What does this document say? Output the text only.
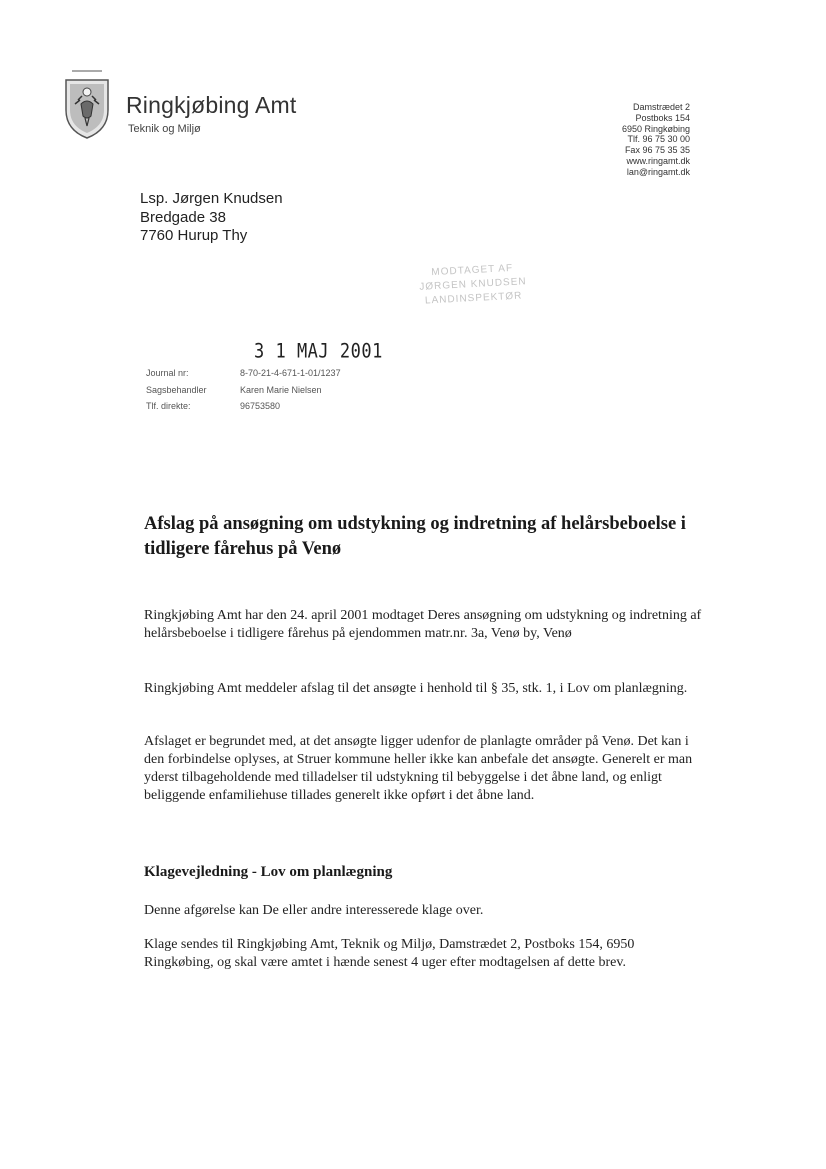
Ringkjøbing Amt
Teknik og Miljø
Damstrædet 2
Postboks 154
6950 Ringkøbing
Tlf. 96 75 30 00
Fax 96 75 35 35
www.ringamt.dk
lan@ringamt.dk
Lsp. Jørgen Knudsen
Bredgade 38
7760 Hurup Thy
MODTAGET AF
JØRGEN KNUDSEN
LANDINSPEKTØR
3 1 MAJ 2001
Journal nr:	8-70-21-4-671-1-01/1237
Sagsbehandler	Karen Marie Nielsen
Tlf. direkte:	96753580
Afslag på ansøgning om udstykning og indretning af helårsbeboelse i tidligere fårehus på Venø
Ringkjøbing Amt har den 24. april 2001 modtaget Deres ansøgning om udstykning og indretning af helårsbeboelse i tidligere fårehus på ejendommen matr.nr. 3a, Venø by, Venø
Ringkjøbing Amt meddeler afslag til det ansøgte i henhold til § 35, stk. 1, i Lov om planlægning.
Afslaget er begrundet med, at det ansøgte ligger udenfor de planlagte områder på Venø. Det kan i den forbindelse oplyses, at Struer kommune heller ikke kan anbefale det ansøgte. Generelt er man yderst tilbageholdende med tilladelser til udstykning til bebyggelse i det åbne land, og enligt beliggende enfamiliehuse tillades generelt ikke opført i det åbne land.
Klagevejledning - Lov om planlægning
Denne afgørelse kan De eller andre interesserede klage over.
Klage sendes til Ringkjøbing Amt, Teknik og Miljø, Damstrædet 2, Postboks 154, 6950 Ringkøbing, og skal være amtet i hænde senest 4 uger efter modtagelsen af dette brev.
